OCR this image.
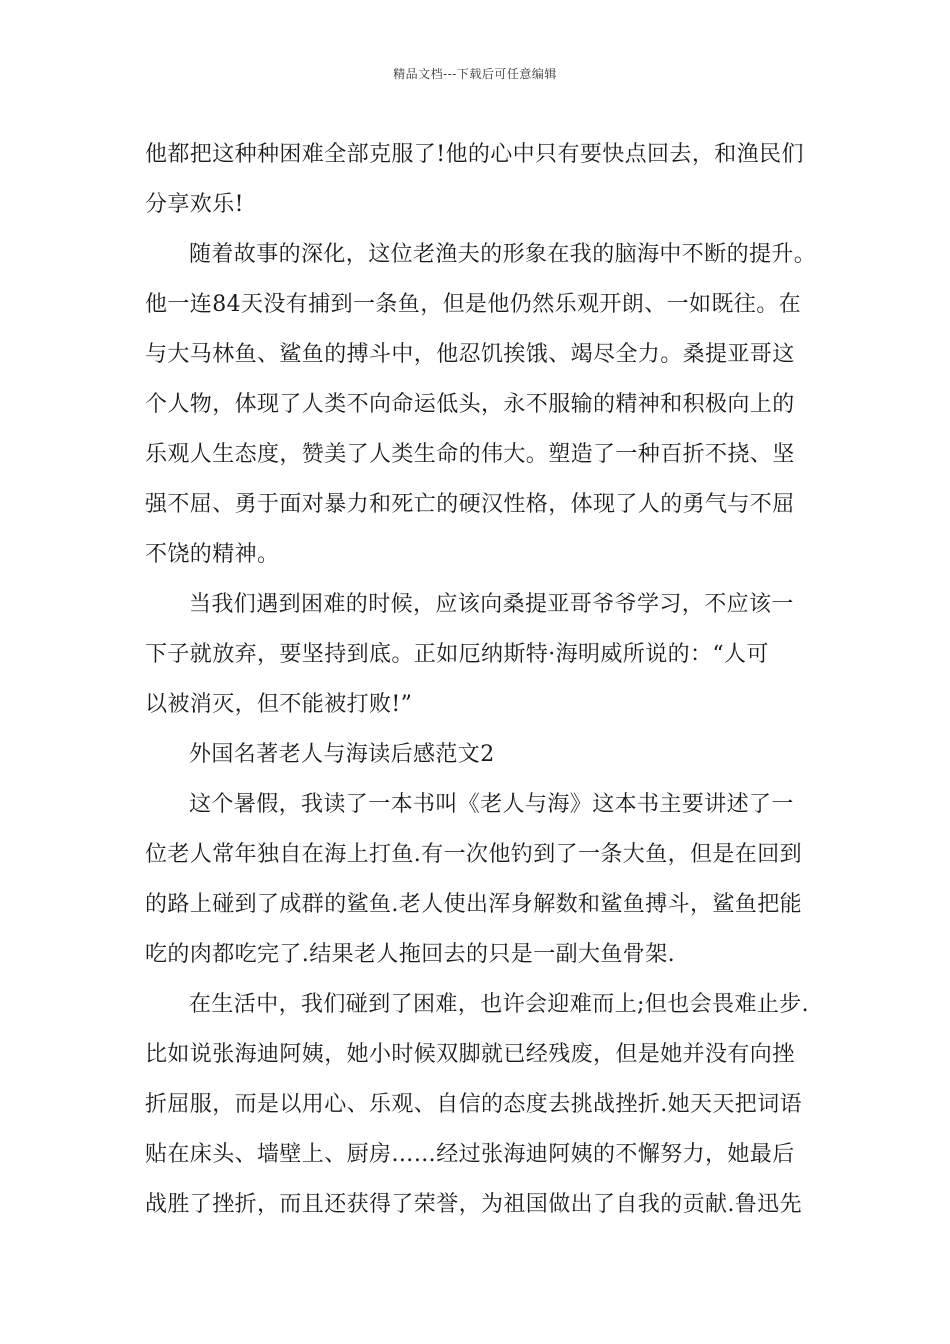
精品文档---下载后可任意编辑
他都把这种种困难全部克服了!他的心中只有要快点回去，和渔民们
分享欢乐!
随着故事的深化，这位老渔夫的形象在我的脑海中不断的提升。
他一连84天没有捕到一条鱼，但是他仍然乐观开朗、一如既往。在
与大马林鱼、鲨鱼的搏斗中，他忍饥挨饿、竭尽全力。桑提亚哥这
个人物，体现了人类不向命运低头，永不服输的精神和积极向上的
乐观人生态度，赞美了人类生命的伟大。塑造了一种百折不挠、坚
强不屈、勇于面对暴力和死亡的硬汉性格，体现了人的勇气与不屈
不饶的精神。
当我们遇到困难的时候，应该向桑提亚哥爷爷学习，不应该一
下子就放弃，要坚持到底。正如厄纳斯特·海明威所说的：“人可
以被消灭，但不能被打败!”
外国名著老人与海读后感范文2
这个暑假，我读了一本书叫《老人与海》这本书主要讲述了一
位老人常年独自在海上打鱼.有一次他钓到了一条大鱼，但是在回到
的路上碰到了成群的鲨鱼.老人使出浑身解数和鲨鱼搏斗，鲨鱼把能
吃的肉都吃完了.结果老人拖回去的只是一副大鱼骨架.
在生活中，我们碰到了困难，也许会迎难而上;但也会畏难止步.
比如说张海迪阿姨，她小时候双脚就已经残废，但是她并没有向挫
折屈服，而是以用心、乐观、自信的态度去挑战挫折.她天天把词语
贴在床头、墙壁上、厨房……经过张海迪阿姨的不懈努力，她最后
战胜了挫折，而且还获得了荣誉，为祖国做出了自我的贡献.鲁迅先
